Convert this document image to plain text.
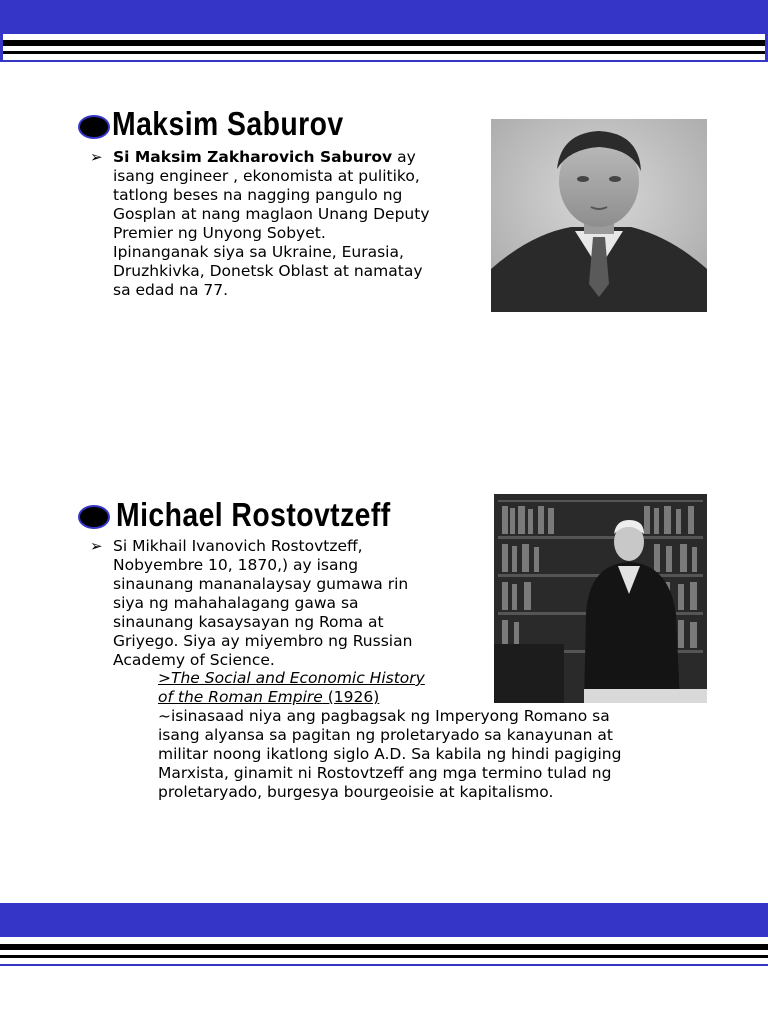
Maksim Saburov
➢ Si Maksim Zakharovich Saburov ay
isang engineer , ekonomista at pulitiko,
tatlong beses na nagging pangulo ng
Gosplan at nang maglaon Unang Deputy
Premier ng Unyong Sobyet.
Ipinanganak siya sa Ukraine, Eurasia,
Druzhkivka, Donetsk Oblast at namatay
sa edad na 77.

Michael Rostovtzeff
➢ Si Mikhail Ivanovich Rostovtzeff,
Nobyembre 10, 1870,) ay isang
sinaunang mananalaysay gumawa rin
siya ng mahahalagang gawa sa
sinaunang kasaysayan ng Roma at
Griyego. Siya ay miyembro ng Russian
Academy of Science.

>The Social and Economic History
of the Roman Empire (1926)

~isinasaad niya ang pagbagsak ng Imperyong Romano sa
isang alyansa sa pagitan ng proletaryado sa kanayunan at
militar noong ikatlong siglo A.D. Sa kabila ng hindi pagiging
Marxista, ginamit ni Rostovtzeff ang mga termino tulad ng
proletaryado, burgesya bourgeoisie at kapitalismo.
